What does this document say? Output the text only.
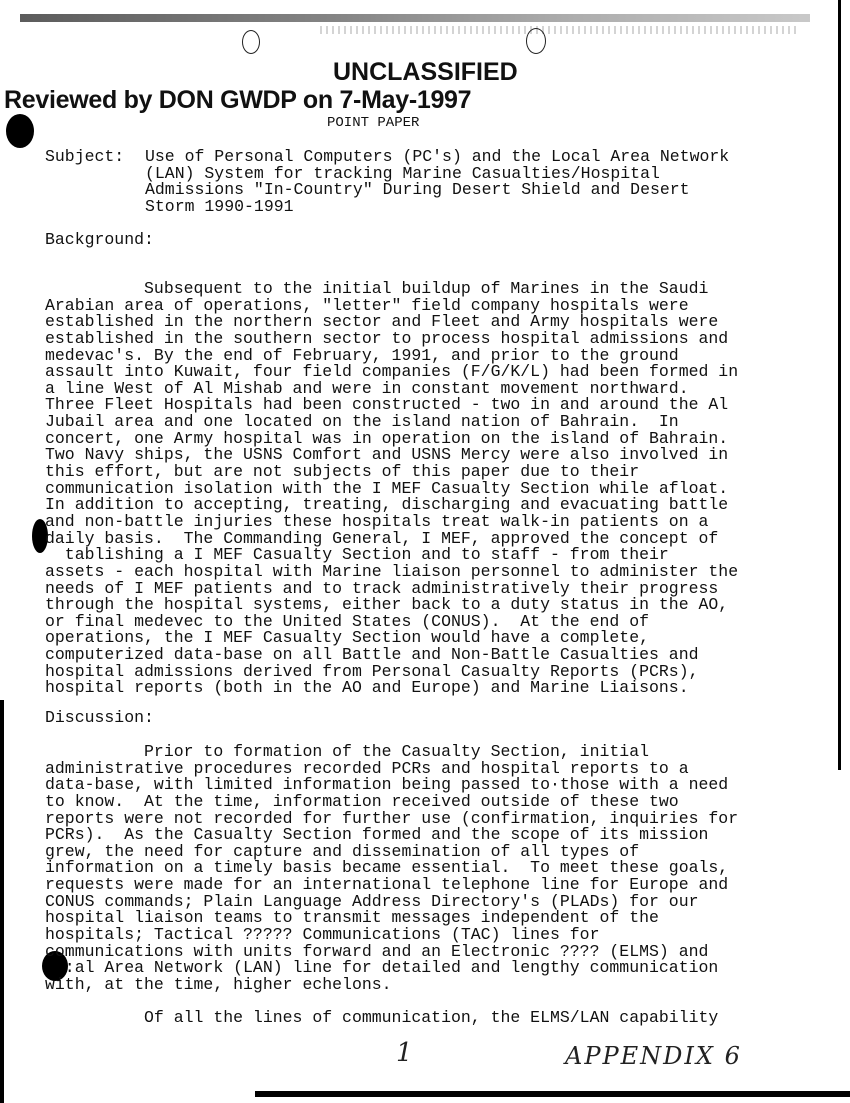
UNCLASSIFIED
Reviewed by DON GWDP on 7-May-1997
POINT PAPER
Subject: Use of Personal Computers (PC's) and the Local Area Network
(LAN) System for tracking Marine Casualties/Hospital
Admissions "In-Country" During Desert Shield and Desert
Storm 1990-1991
Background:
Subsequent to the initial buildup of Marines in the Saudi
Arabian area of operations, "letter" field company hospitals were
established in the northern sector and Fleet and Army hospitals were
established in the southern sector to process hospital admissions and
medevac's. By the end of February, 1991, and prior to the ground
assault into Kuwait, four field companies (F/G/K/L) had been formed in
a line West of Al Mishab and were in constant movement northward.
Three Fleet Hospitals had been constructed - two in and around the Al
Jubail area and one located on the island nation of Bahrain.  In
concert, one Army hospital was in operation on the island of Bahrain.
Two Navy ships, the USNS Comfort and USNS Mercy were also involved in
this effort, but are not subjects of this paper due to their
communication isolation with the I MEF Casualty Section while afloat.
In addition to accepting, treating, discharging and evacuating battle
and non-battle injuries these hospitals treat walk-in patients on a
daily basis.  The Commanding General, I MEF, approved the concept of
tablishing a I MEF Casualty Section and to staff - from their
assets - each hospital with Marine liaison personnel to administer the
needs of I MEF patients and to track administratively their progress
through the hospital systems, either back to a duty status in the AO,
or final medevec to the United States (CONUS).  At the end of
operations, the I MEF Casualty Section would have a complete,
computerized data-base on all Battle and Non-Battle Casualties and
hospital admissions derived from Personal Casualty Reports (PCRs),
hospital reports (both in the AO and Europe) and Marine Liaisons.
Discussion:
Prior to formation of the Casualty Section, initial
administrative procedures recorded PCRs and hospital reports to a
data-base, with limited information being passed to·those with a need
to know.  At the time, information received outside of these two
reports were not recorded for further use (confirmation, inquiries for
PCRs).  As the Casualty Section formed and the scope of its mission
grew, the need for capture and dissemination of all types of
information on a timely basis became essential.  To meet these goals,
requests were made for an international telephone line for Europe and
CONUS commands; Plain Language Address Directory's (PLADs) for our
hospital liaison teams to transmit messages independent of the
hospitals; Tactical ????? Communications (TAC) lines for
communications with units forward and an Electronic ???? (ELMS) and
:al Area Network (LAN) line for detailed and lengthy communication
with, at the time, higher echelons.
Of all the lines of communication, the ELMS/LAN capability
1	APPENDIX 6
